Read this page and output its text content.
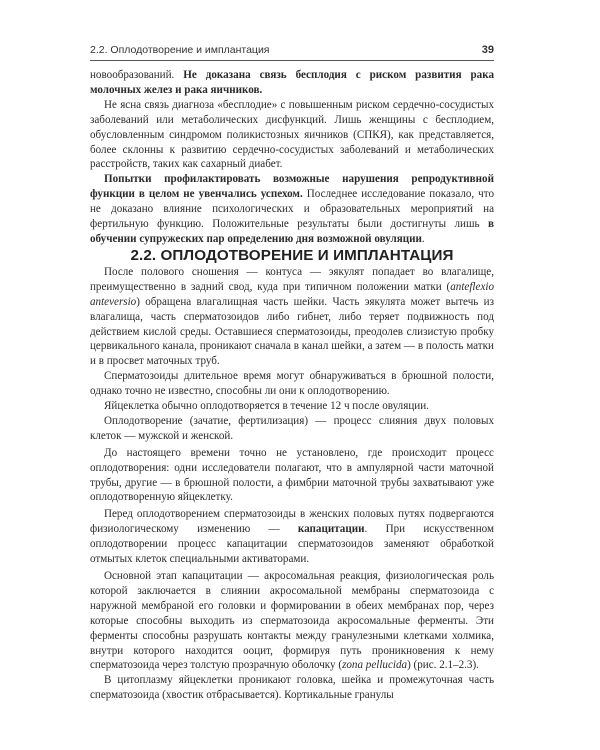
2.2. Оплодотворение и имплантация	39

новообразований. Не доказана связь бесплодия с риском развития рака молочных желез и рака яичников.

Не ясна связь диагноза «бесплодие» с повышенным риском сердечно-сосудистых заболеваний или метаболических дисфункций. Лишь женщины с бесплодием, обусловленным синдромом поликистозных яичников (СПКЯ), как представляется, более склонны к развитию сердечно-сосудистых заболеваний и метаболических расстройств, таких как сахарный диабет.

Попытки профилактировать возможные нарушения репродуктивной функции в целом не увенчались успехом. Последнее исследование показало, что не доказано влияние психологических и образовательных мероприятий на фертильную функцию. Положительные результаты были достигнуты лишь в обучении супружеских пар определению дня возможной овуляции.

2.2. ОПЛОДОТВОРЕНИЕ И ИМПЛАНТАЦИЯ

После полового сношения — контуса — эякулят попадает во влагалище, преимущественно в задний свод, куда при типичном положении матки (anteflexio anteversio) обращена влагалищная часть шейки. Часть эякулята может вытечь из влагалища, часть сперматозоидов либо гибнет, либо теряет подвижность под действием кислой среды. Оставшиеся сперматозоиды, преодолев слизистую пробку цервикального канала, проникают сначала в канал шейки, а затем — в полость матки и в просвет маточных труб.

Сперматозоиды длительное время могут обнаруживаться в брюшной полости, однако точно не известно, способны ли они к оплодотворению.

Яйцеклетка обычно оплодотворяется в течение 12 ч после овуляции.

Оплодотворение (зачатие, фертилизация) — процесс слияния двух половых клеток — мужской и женской.

До настоящего времени точно не установлено, где происходит процесс оплодотворения: одни исследователи полагают, что в ампулярной части маточной трубы, другие — в брюшной полости, а фимбрии маточной трубы захватывают уже оплодотворенную яйцеклетку.

Перед оплодотворением сперматозоиды в женских половых путях подвергаются физиологическому изменению — капацитации. При искусственном оплодотворении процесс капацитации сперматозоидов заменяют обработкой отмытых клеток специальными активаторами.

Основной этап капацитации — акросомальная реакция, физиологическая роль которой заключается в слиянии акросомальной мембраны сперматозоида с наружной мембраной его головки и формировании в обеих мембранах пор, через которые способны выходить из сперматозоида акросомальные ферменты. Эти ферменты способны разрушать контакты между гранулезными клетками холмика, внутри которого находится ооцит, формируя путь проникновения к нему сперматозоида через толстую прозрачную оболочку (zona pellucida) (рис. 2.1–2.3).

В цитоплазму яйцеклетки проникают головка, шейка и промежуточная часть сперматозоида (хвостик отбрасывается). Кортикальные гранулы
